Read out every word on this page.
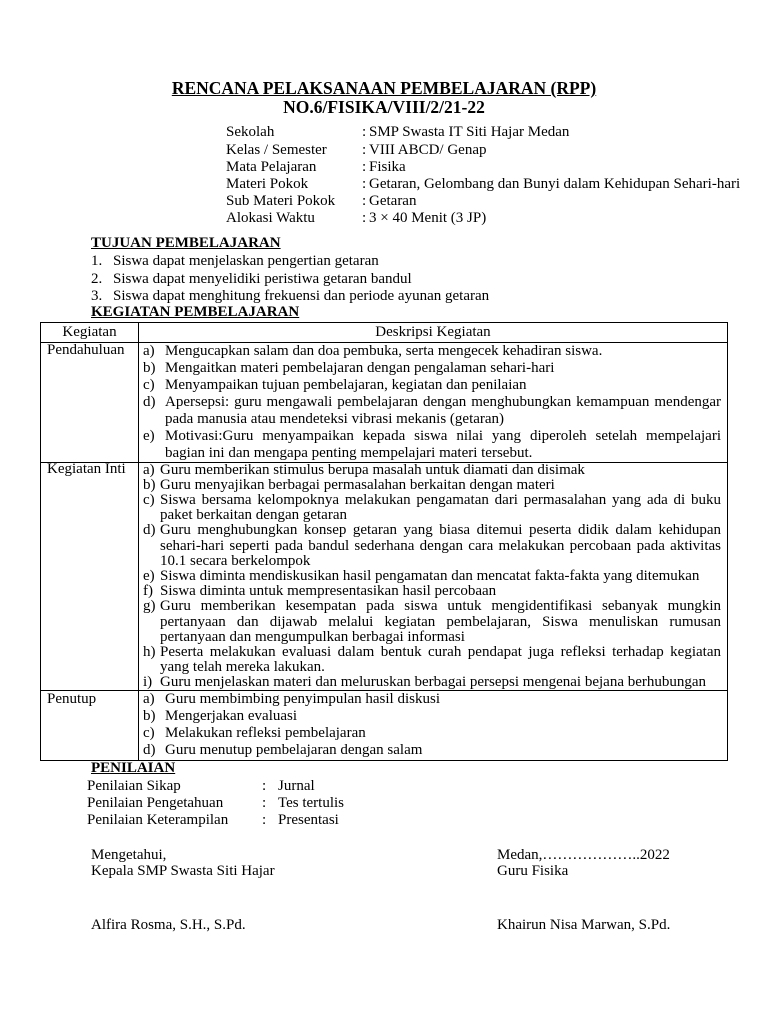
RENCANA PELAKSANAAN PEMBELAJARAN (RPP)
NO.6/FISIKA/VIII/2/21-22
Sekolah	: SMP Swasta IT Siti Hajar Medan
Kelas / Semester : VIII ABCD/ Genap
Mata Pelajaran	: Fisika
Materi Pokok	: Getaran, Gelombang dan Bunyi dalam Kehidupan Sehari-hari
Sub Materi Pokok : Getaran
Alokasi Waktu	: 3 × 40 Menit (3 JP)
TUJUAN PEMBELAJARAN
1. Siswa dapat menjelaskan pengertian getaran
2. Siswa dapat menyelidiki peristiwa getaran bandul
3. Siswa dapat menghitung frekuensi dan periode ayunan getaran
KEGIATAN PEMBELAJARAN
Kegiatan	Deskripsi Kegiatan
Pendahuluan a) Mengucapkan salam dan doa pembuka, serta mengecek kehadiran siswa.
b) Mengaitkan materi pembelajaran dengan pengalaman sehari-hari
c) Menyampaikan tujuan pembelajaran, kegiatan dan penilaian
d) Apersepsi: guru mengawali pembelajaran dengan menghubungkan kemampuan mendengar
pada manusia atau mendeteksi vibrasi mekanis (getaran)
e) Motivasi:Guru menyampaikan kepada siswa nilai yang diperoleh setelah mempelajari
bagian ini dan mengapa penting mempelajari materi tersebut.
Kegiatan Inti a) Guru memberikan stimulus berupa masalah untuk diamati dan disimak
b) Guru menyajikan berbagai permasalahan berkaitan dengan materi
c) Siswa bersama kelompoknya melakukan pengamatan dari permasalahan yang ada di buku
paket berkaitan dengan getaran
d) Guru menghubungkan konsep getaran yang biasa ditemui peserta didik dalam kehidupan
sehari-hari seperti pada bandul sederhana dengan cara melakukan percobaan pada aktivitas
10.1 secara berkelompok
e) Siswa diminta mendiskusikan hasil pengamatan dan mencatat fakta-fakta yang ditemukan
f) Siswa diminta untuk mempresentasikan hasil percobaan
g) Guru memberikan kesempatan pada siswa untuk mengidentifikasi sebanyak mungkin
pertanyaan dan dijawab melalui kegiatan pembelajaran, Siswa menuliskan rumusan
pertanyaan dan mengumpulkan berbagai informasi
h) Peserta melakukan evaluasi dalam bentuk curah pendapat juga refleksi terhadap kegiatan
yang telah mereka lakukan.
i) Guru menjelaskan materi dan meluruskan berbagai persepsi mengenai bejana berhubungan
Penutup	a) Guru membimbing penyimpulan hasil diskusi
b) Mengerjakan evaluasi
c) Melakukan refleksi pembelajaran
d) Guru menutup pembelajaran dengan salam
PENILAIAN
Penilaian Sikap	: Jurnal
Penilaian Pengetahuan	: Tes tertulis
Penilaian Keterampilan : Presentasi
Mengetahui,
Kepala SMP Swasta Siti Hajar
Medan,………………..2022
Guru Fisika
Alfira Rosma, S.H., S.Pd.	Khairun Nisa Marwan, S.Pd.
